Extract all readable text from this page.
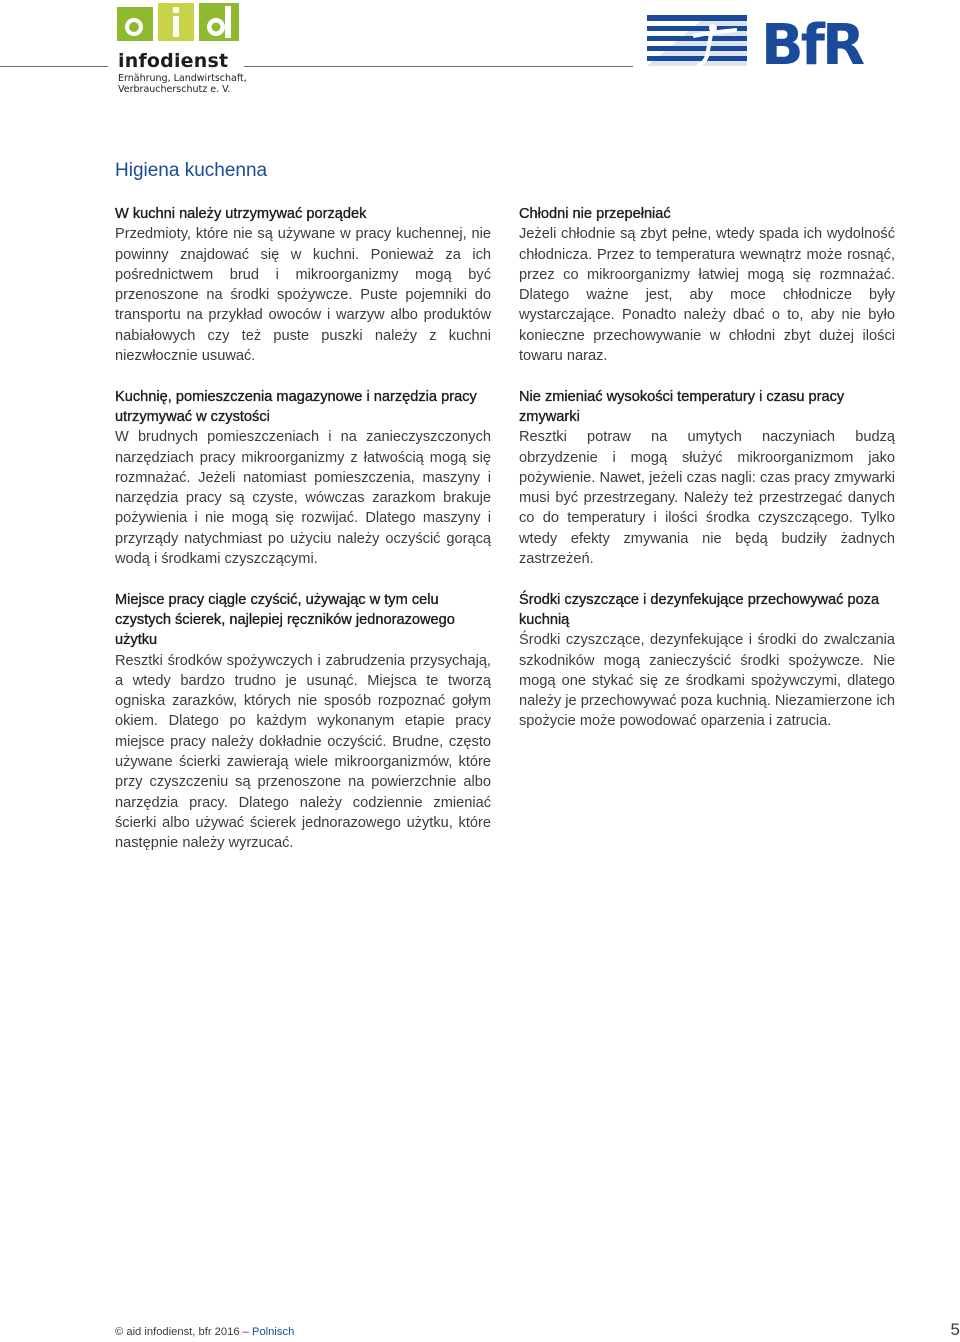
infodienst
Ernährung, Landwirtschaft,
Verbraucherschutz e. V.
BfR
Higiena kuchenna
W kuchni należy utrzymywać porządek

Przedmioty, które nie są używane w pracy kuchennej, nie powinny znajdować się w kuchni. Ponieważ za ich pośrednictwem brud i mikroorganizmy mogą być przenoszone na środki spożywcze. Puste pojemniki do transportu na przykład owoców i warzyw albo produktów nabiałowych czy też puste puszki należy z kuchni niezwłocznie usuwać.

Kuchnię, pomieszczenia magazynowe i narzędzia pracy utrzymywać w czystości

W brudnych pomieszczeniach i na zanieczyszczonych narzędziach pracy mikroorganizmy z łatwością mogą się rozmnażać. Jeżeli natomiast pomieszczenia, maszyny i narzędzia pracy są czyste, wówczas zarazkom brakuje pożywienia i nie mogą się rozwijać. Dlatego maszyny i przyrządy natychmiast po użyciu należy oczyścić gorącą wodą i środkami czyszczącymi.

Miejsce pracy ciągle czyścić, używając w tym celu czystych ścierek, najlepiej ręczników jednorazowego użytku

Resztki środków spożywczych i zabrudzenia przysychają, a wtedy bardzo trudno je usunąć. Miejsca te tworzą ogniska zarazków, których nie sposób rozpoznać gołym okiem. Dlatego po każdym wykonanym etapie pracy miejsce pracy należy dokładnie oczyścić. Brudne, często używane ścierki zawierają wiele mikroorganizmów, które przy czyszczeniu są przenoszone na powierzchnie albo narzędzia pracy. Dlatego należy codziennie zmieniać ścierki albo używać ścierek jednorazowego użytku, które następnie należy wyrzucać.

Chłodni nie przepełniać

Jeżeli chłodnie są zbyt pełne, wtedy spada ich wydolność chłodnicza. Przez to temperatura wewnątrz może rosnąć, przez co mikroorganizmy łatwiej mogą się rozmnażać. Dlatego ważne jest, aby moce chłodnicze były wystarczające. Ponadto należy dbać o to, aby nie było konieczne przechowywanie w chłodni zbyt dużej ilości towaru naraz.

Nie zmieniać wysokości temperatury i czasu pracy zmywarki

Resztki potraw na umytych naczyniach budzą obrzydzenie i mogą służyć mikroorganizmom jako pożywienie. Nawet, jeżeli czas nagli: czas pracy zmywarki musi być przestrzegany. Należy też przestrzegać danych co do temperatury i ilości środka czyszczącego. Tylko wtedy efekty zmywania nie będą budziły żadnych zastrzeżeń.

Środki czyszczące i dezynfekujące przechowywać poza kuchnią

Środki czyszczące, dezynfekujące i środki do zwalczania szkodników mogą zanieczyścić środki spożywcze. Nie mogą one stykać się ze środkami spożywczymi, dlatego należy je przechowywać poza kuchnią. Niezamierzone ich spożycie może powodować oparzenia i zatrucia.

© aid infodienst, bfr 2016 – Polnisch	5
